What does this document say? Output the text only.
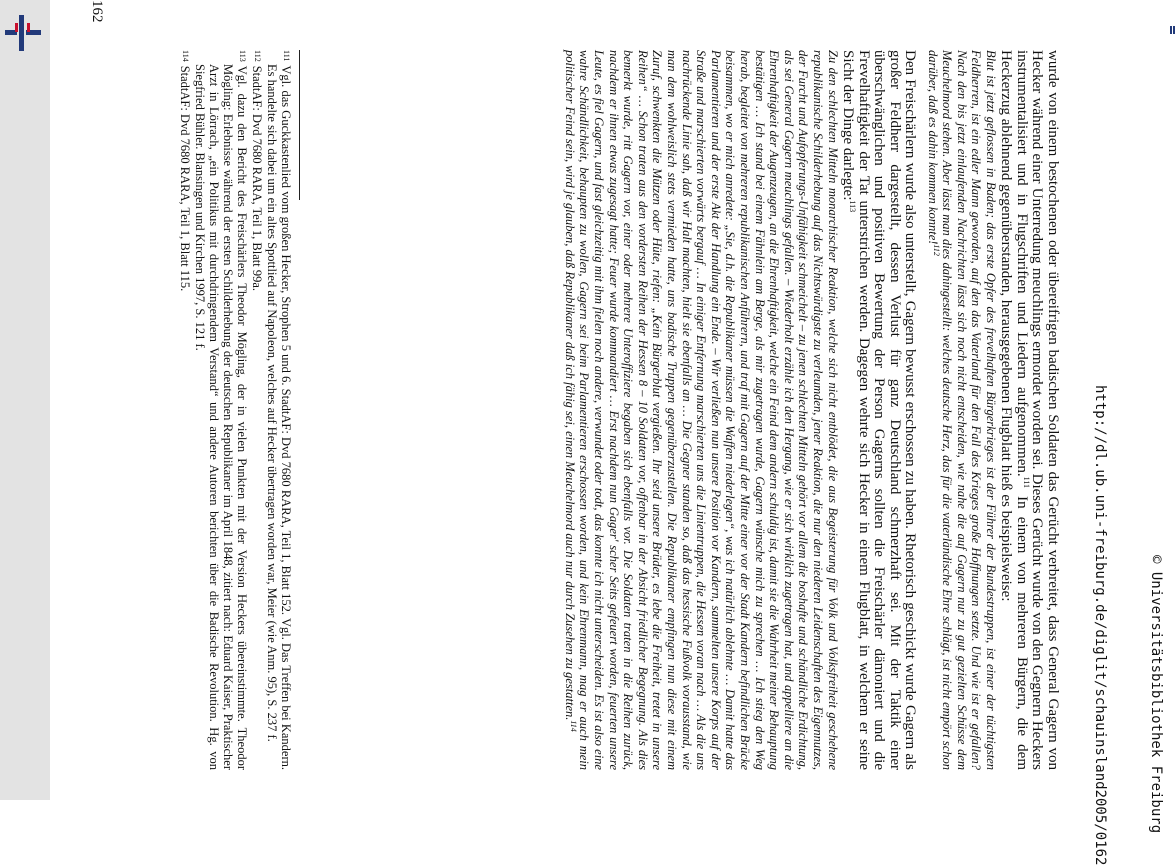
wurde von einem bestochenen oder übereifrigen badischen Soldaten das Gerücht verbreitet, dass General Gagern von Hecker während einer Unterredung meuchlings ermordet worden sei. Dieses Gerücht wurde von den Gegnern Heckers instrumentalisiert und in Flugschriften und Liedern aufgenommen.$^{111}$ In einem von mehreren Bürgern, die dem Heckerzug ablehnend gegenüberstanden, herausgegebenen Flugblatt hieß es beispielsweise:

Blut ist jetzt geflossen in Baden; das erste Opfer des frevelhaften Bürgerkrieges ist der Führer der Bundestruppen, ist einer der tüchtigsten Feldherren, ist ein edler Mann geworden, auf den das Vaterland für den Fall des Krieges große Hoffnungen setzte. Und wie ist er gefallen? Nach den bis jetzt einlaufenden Nachrichten lässt sich noch nicht entscheiden, wie nahe die auf Gagern nur zu gut gezielten Schüsse dem Meuchelmord stehen. Aber lässt man dies dahingestellt: welches deutsche Herz, das für die vaterländische Ehre schlägt, ist nicht empört schon darüber, daß es dahin kommen konnte!$^{112}$

Den Freischärlern wurde also unterstellt, Gagern bewusst erschossen zu haben. Rhetorisch geschickt wurde Gagern als großer Feldherr dargestellt, dessen Verlust für ganz Deutschland schmerzhaft sei. Mit der Taktik einer überschwänglichen und positiven Bewertung der Person Gagerns sollten die Freischärler dämoniert und die Frevelhaftigkeit der Tat unterstrichen werden. Dagegen wehrte sich Hecker in einem Flugblatt, in welchem er seine Sicht der Dinge darlegte:$^{113}$

Zu den schlechten Mitteln monarchischer Reaktion, welche sich nicht entblödet, die aus Begeisterung für Volk und Volksfreiheit geschehene republikanische Schilderhebung auf das Nichtswürdigste zu verleumden, jener Reaktion, die nur den niederen Leidenschaften des Eigennutzes, der Furcht und Aufopferungs-Unfähigkeit schmeichelt – zu jenen schlechten Mitteln gehört vor allem die boshafte und schändliche Erdichtung, als sei General Gagern meuchlings gefallen. – Wiederholt erzähle ich den Hergang, wie er sich wirklich zugetragen hat, und appelliere an die Ehrenhaftigkeit der Augenzeugen, an die Ehrenhaftigkeit, welche ein Feind dem andern schuldig ist, damit sie die Wahrheit meiner Behauptung bestätigen … Ich stand bei einem Fähnlein am Berge, als mir zugetragen wurde, Gagern wünsche mich zu sprechen … Ich stieg den Weg herab, begleitet von mehreren republikanischen Anführern, und traf mit Gagern auf der Mitte einer vor der Stadt Kandern befindlichen Brücke beisammen, wo er mich anredete: „Sie, d.h. die Republikaner müssen die Waffen niederlegen“, was ich natürlich ablehnte … Damit hatte das Parlamentieren und der erste Akt der Handlung ein Ende. – Wir verließen nun unsere Position vor Kandern, sammelten unsere Korps auf der Straße und marschierten vorwärts bergauf … In einiger Entfernung marschierten uns die Linientruppen, die Hessen voran nach … Als die uns nachrückende Linie sah, daß wir Halt machten, hielt sie ebenfalls an … Die Gegner standen so, daß das hessische Fußvolk vorausstand, wie man dem wohlweislich stets vermieden hatte, uns badische Truppen gegenüberzustellen. Die Republikaner empfingen nun diese mit einem Zuruf, schwenkten die Mützen oder Hüte, riefen: „Kein Bürgerblut vergießen. Ihr seid unsere Brüder, es lebe die Freiheit, tretet in unsere Reihen“ … Schon traten aus den vordersten Reihen der Hessen 8 – 10 Soldaten vor, offenbar in der Absicht friedlicher Begegnung. Als dies bemerkt wurde, ritt Gagern vor, einer oder mehrere Unteroffiziere begaben sich ebenfalls vor. Die Soldaten traten in die Reihen zurück, nachdem er ihnen etwas zugesagt hatte; Feuer wurde kommandiert … Erst nachdem nun Gager' scher Seits gefeuert worden, feuerten unsere Leute, es fiel Gagern, und fast gleichzeitig mit ihm fielen noch andere, verwundet oder todt, das konnte ich nicht unterscheiden. Es ist also eine wahre Schändlichkeit, behaupten zu wollen, Gagern sei beim Parlamentieren erschossen worden, und kein Ehrenmann, mag er auch mein politischer Feind sein, wird je glauben, daß Republikaner daß ich fähig sei, einen Meuchelmord auch nur durch Zusehen zu gestatten.$^{114}$

$^{111}$Vgl. das Guckkastenlied vom großen Hecker, Strophen 5 und 6. StadtAF: Dvd 7680 RARA, Teil 1, Blatt 152. Vgl. Das Treffen bei Kandern. Es handelte sich dabei um ein altes Spottlied auf Napoleon, welches auf Hecker übertragen worden war, Meier (wie Anm. 95), S. 237 f.

$^{112}$StadtAF: Dvd 7680 RARA, Teil 1, Blatt 99a.

$^{113}$Vgl. dazu den Bericht des Freischärlers Theodor Mögling, der in vielen Punkten mit der Version Heckers übereinstimmte. Theodor Mögling: Erlebnisse während der ersten Schilderhebung der deutschen Republikaner im April 1848, zitiert nach: Eduard Kaiser, Praktischer Arzt in Lörrach, „ein Politikus mit durchdringendem Verstand“ und andere Autoren berichten über die Badische Revolution. Hg. von Siegfried Bühler. Blansingen und Kirchen 1997, S. 121 f.

$^{114}$StadtAF: Dvd 7680 RARA, Teil 1, Blatt 115.

162
http://dl.ub.uni-freiburg.de/diglit/schauinsland2005/0162	© Universitätsbibliothek Freiburg
